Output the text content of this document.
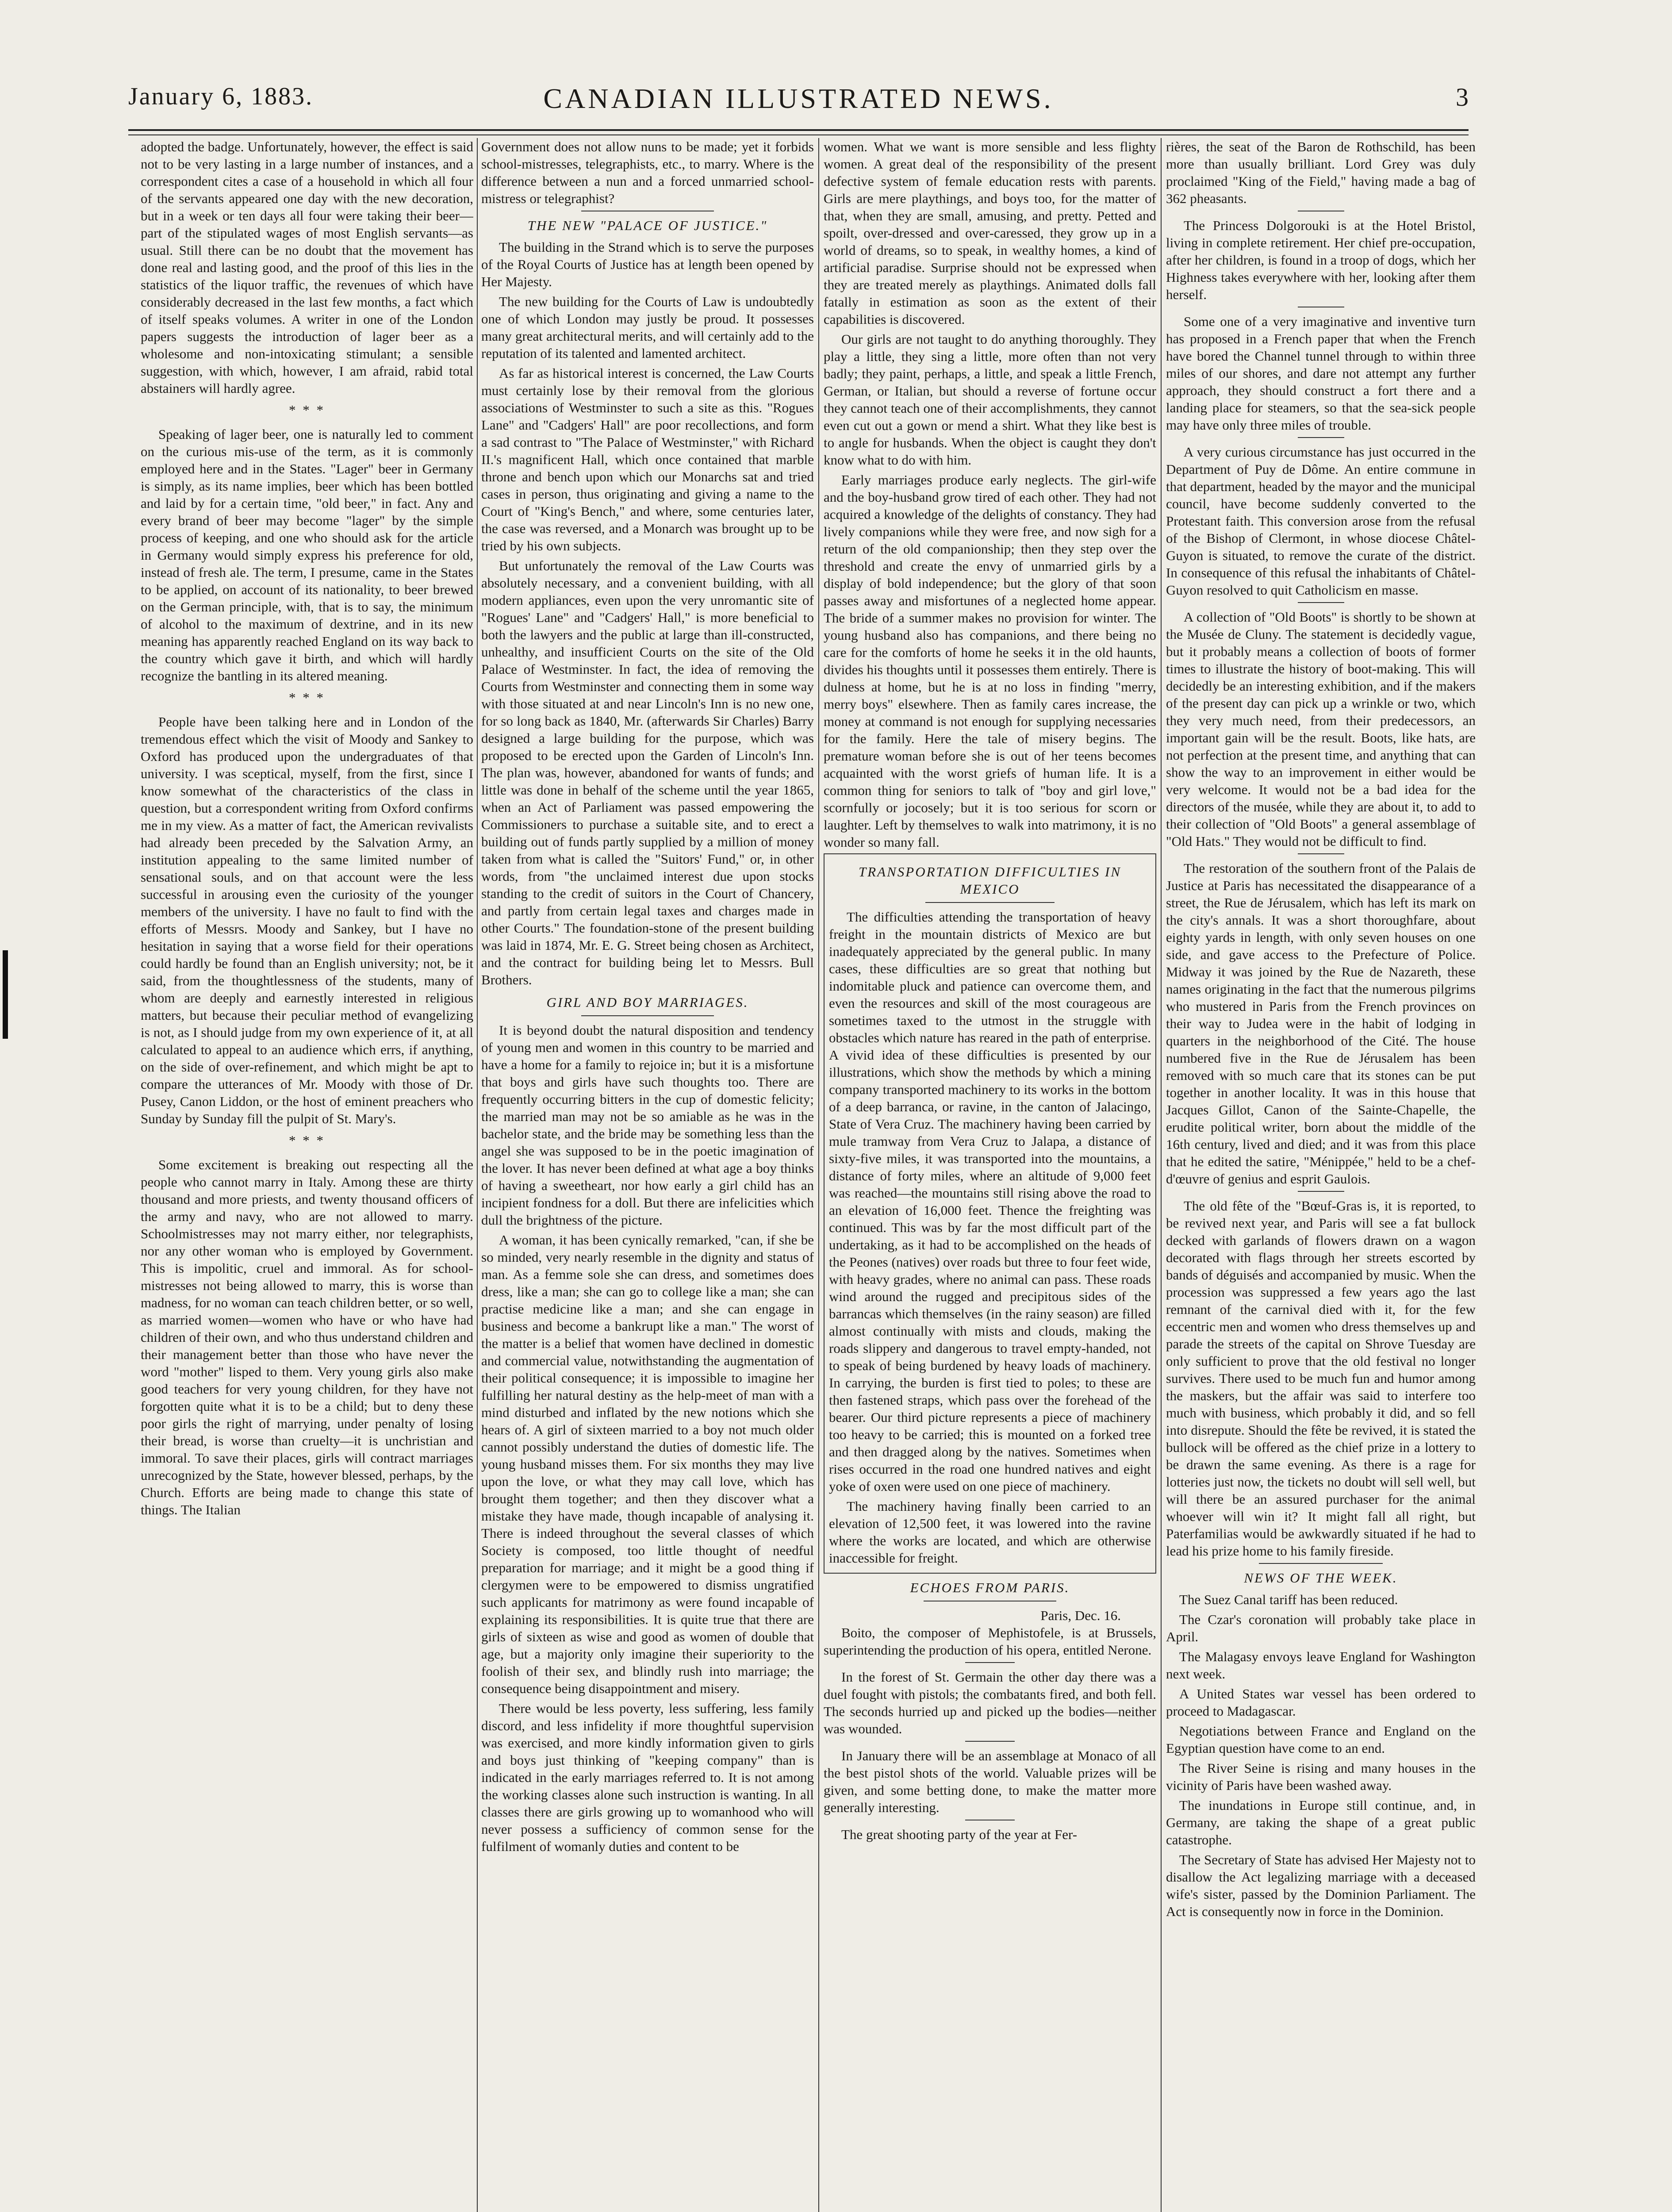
January 6, 1883.	CANADIAN ILLUSTRATED NEWS.	3

adopted the badge. Unfortunately, however, the effect is said not to be very lasting in a large number of instances, and a correspondent cites a case of a household in which all four of the servants appeared one day with the new decoration, but in a week or ten days all four were taking their beer—part of the stipulated wages of most English servants—as usual. Still there can be no doubt that the movement has done real and lasting good, and the proof of this lies in the statistics of the liquor traffic, the revenues of which have considerably decreased in the last few months, a fact which of itself speaks volumes. A writer in one of the London papers suggests the introduction of lager beer as a wholesome and non-intoxicating stimulant; a sensible suggestion, with which, however, I am afraid, rabid total abstainers will hardly agree.

* * *

Speaking of lager beer, one is naturally led to comment on the curious mis-use of the term, as it is commonly employed here and in the States. "Lager" beer in Germany is simply, as its name implies, beer which has been bottled and laid by for a certain time, "old beer," in fact. Any and every brand of beer may become "lager" by the simple process of keeping, and one who should ask for the article in Germany would simply express his preference for old, instead of fresh ale. The term, I presume, came in the States to be applied, on account of its nationality, to beer brewed on the German principle, with, that is to say, the minimum of alcohol to the maximum of dextrine, and in its new meaning has apparently reached England on its way back to the country which gave it birth, and which will hardly recognize the bantling in its altered meaning.

* * *

People have been talking here and in London of the tremendous effect which the visit of Moody and Sankey to Oxford has produced upon the undergraduates of that university. I was sceptical, myself, from the first, since I know somewhat of the characteristics of the class in question, but a correspondent writing from Oxford confirms me in my view. As a matter of fact, the American revivalists had already been preceded by the Salvation Army, an institution appealing to the same limited number of sensational souls, and on that account were the less successful in arousing even the curiosity of the younger members of the university. I have no fault to find with the efforts of Messrs. Moody and Sankey, but I have no hesitation in saying that a worse field for their operations could hardly be found than an English university; not, be it said, from the thoughtlessness of the students, many of whom are deeply and earnestly interested in religious matters, but because their peculiar method of evangelizing is not, as I should judge from my own experience of it, at all calculated to appeal to an audience which errs, if anything, on the side of over-refinement, and which might be apt to compare the utterances of Mr. Moody with those of Dr. Pusey, Canon Liddon, or the host of eminent preachers who Sunday by Sunday fill the pulpit of St. Mary's.

* * *

Some excitement is breaking out respecting all the people who cannot marry in Italy. Among these are thirty thousand and more priests, and twenty thousand officers of the army and navy, who are not allowed to marry. Schoolmistresses may not marry either, nor telegraphists, nor any other woman who is employed by Government. This is impolitic, cruel and immoral. As for school-mistresses not being allowed to marry, this is worse than madness, for no woman can teach children better, or so well, as married women—women who have or who have had children of their own, and who thus understand children and their management better than those who have never the word "mother" lisped to them. Very young girls also make good teachers for very young children, for they have not forgotten quite what it is to be a child; but to deny these poor girls the right of marrying, under penalty of losing their bread, is worse than cruelty—it is unchristian and immoral. To save their places, girls will contract marriages unrecognized by the State, however blessed, perhaps, by the Church. Efforts are being made to change this state of things. The Italian

Government does not allow nuns to be made; yet it forbids school-mistresses, telegraphists, etc., to marry. Where is the difference between a nun and a forced unmarried school-mistress or telegraphist?

THE NEW "PALACE OF JUSTICE."

The building in the Strand which is to serve the purposes of the Royal Courts of Justice has at length been opened by Her Majesty.

The new building for the Courts of Law is undoubtedly one of which London may justly be proud. It possesses many great architectural merits, and will certainly add to the reputation of its talented and lamented architect.

As far as historical interest is concerned, the Law Courts must certainly lose by their removal from the glorious associations of Westminster to such a site as this. "Rogues Lane" and "Cadgers' Hall" are poor recollections, and form a sad contrast to "The Palace of Westminster," with Richard II.'s magnificent Hall, which once contained that marble throne and bench upon which our Monarchs sat and tried cases in person, thus originating and giving a name to the Court of "King's Bench," and where, some centuries later, the case was reversed, and a Monarch was brought up to be tried by his own subjects.

But unfortunately the removal of the Law Courts was absolutely necessary, and a convenient building, with all modern appliances, even upon the very unromantic site of "Rogues' Lane" and "Cadgers' Hall," is more beneficial to both the lawyers and the public at large than ill-constructed, unhealthy, and insufficient Courts on the site of the Old Palace of Westminster. In fact, the idea of removing the Courts from Westminster and connecting them in some way with those situated at and near Lincoln's Inn is no new one, for so long back as 1840, Mr. (afterwards Sir Charles) Barry designed a large building for the purpose, which was proposed to be erected upon the Garden of Lincoln's Inn. The plan was, however, abandoned for wants of funds; and little was done in behalf of the scheme until the year 1865, when an Act of Parliament was passed empowering the Commissioners to purchase a suitable site, and to erect a building out of funds partly supplied by a million of money taken from what is called the "Suitors' Fund," or, in other words, from "the unclaimed interest due upon stocks standing to the credit of suitors in the Court of Chancery, and partly from certain legal taxes and charges made in other Courts." The foundation-stone of the present building was laid in 1874, Mr. E. G. Street being chosen as Architect, and the contract for building being let to Messrs. Bull Brothers.

GIRL AND BOY MARRIAGES.

It is beyond doubt the natural disposition and tendency of young men and women in this country to be married and have a home for a family to rejoice in; but it is a misfortune that boys and girls have such thoughts too. There are frequently occurring bitters in the cup of domestic felicity; the married man may not be so amiable as he was in the bachelor state, and the bride may be something less than the angel she was supposed to be in the poetic imagination of the lover. It has never been defined at what age a boy thinks of having a sweetheart, nor how early a girl child has an incipient fondness for a doll. But there are infelicities which dull the brightness of the picture.

A woman, it has been cynically remarked, "can, if she be so minded, very nearly resemble in the dignity and status of man. As a femme sole she can dress, and sometimes does dress, like a man; she can go to college like a man; she can practise medicine like a man; and she can engage in business and become a bankrupt like a man." The worst of the matter is a belief that women have declined in domestic and commercial value, notwithstanding the augmentation of their political consequence; it is impossible to imagine her fulfilling her natural destiny as the help-meet of man with a mind disturbed and inflated by the new notions which she hears of. A girl of sixteen married to a boy not much older cannot possibly understand the duties of domestic life. The young husband misses them. For six months they may live upon the love, or what they may call love, which has brought them together; and then they discover what a mistake they have made, though incapable of analysing it. There is indeed throughout the several classes of which Society is composed, too little thought of needful preparation for marriage; and it might be a good thing if clergymen were to be empowered to dismiss ungratified such applicants for matrimony as were found incapable of explaining its responsibilities. It is quite true that there are girls of sixteen as wise and good as women of double that age, but a majority only imagine their superiority to the foolish of their sex, and blindly rush into marriage; the consequence being disappointment and misery.

There would be less poverty, less suffering, less family discord, and less infidelity if more thoughtful supervision was exercised, and more kindly information given to girls and boys just thinking of "keeping company" than is indicated in the early marriages referred to. It is not among the working classes alone such instruction is wanting. In all classes there are girls growing up to womanhood who will never possess a sufficiency of common sense for the fulfilment of womanly duties and content to be

women. What we want is more sensible and less flighty women. A great deal of the responsibility of the present defective system of female education rests with parents. Girls are mere playthings, and boys too, for the matter of that, when they are small, amusing, and pretty. Petted and spoilt, over-dressed and over-caressed, they grow up in a world of dreams, so to speak, in wealthy homes, a kind of artificial paradise. Surprise should not be expressed when they are treated merely as playthings. Animated dolls fall fatally in estimation as soon as the extent of their capabilities is discovered.

Our girls are not taught to do anything thoroughly. They play a little, they sing a little, more often than not very badly; they paint, perhaps, a little, and speak a little French, German, or Italian, but should a reverse of fortune occur they cannot teach one of their accomplishments, they cannot even cut out a gown or mend a shirt. What they like best is to angle for husbands. When the object is caught they don't know what to do with him.

Early marriages produce early neglects. The girl-wife and the boy-husband grow tired of each other. They had not acquired a knowledge of the delights of constancy. They had lively companions while they were free, and now sigh for a return of the old companionship; then they step over the threshold and create the envy of unmarried girls by a display of bold independence; but the glory of that soon passes away and misfortunes of a neglected home appear. The bride of a summer makes no provision for winter. The young husband also has companions, and there being no care for the comforts of home he seeks it in the old haunts, divides his thoughts until it possesses them entirely. There is dulness at home, but he is at no loss in finding "merry, merry boys" elsewhere. Then as family cares increase, the money at command is not enough for supplying necessaries for the family. Here the tale of misery begins. The premature woman before she is out of her teens becomes acquainted with the worst griefs of human life. It is a common thing for seniors to talk of "boy and girl love," scornfully or jocosely; but it is too serious for scorn or laughter. Left by themselves to walk into matrimony, it is no wonder so many fall.

TRANSPORTATION DIFFICULTIES IN MEXICO

The difficulties attending the transportation of heavy freight in the mountain districts of Mexico are but inadequately appreciated by the general public. In many cases, these difficulties are so great that nothing but indomitable pluck and patience can overcome them, and even the resources and skill of the most courageous are sometimes taxed to the utmost in the struggle with obstacles which nature has reared in the path of enterprise. A vivid idea of these difficulties is presented by our illustrations, which show the methods by which a mining company transported machinery to its works in the bottom of a deep barranca, or ravine, in the canton of Jalacingo, State of Vera Cruz. The machinery having been carried by mule tramway from Vera Cruz to Jalapa, a distance of sixty-five miles, it was transported into the mountains, a distance of forty miles, where an altitude of 9,000 feet was reached—the mountains still rising above the road to an elevation of 16,000 feet. Thence the freighting was continued. This was by far the most difficult part of the undertaking, as it had to be accomplished on the heads of the Peones (natives) over roads but three to four feet wide, with heavy grades, where no animal can pass. These roads wind around the rugged and precipitous sides of the barrancas which themselves (in the rainy season) are filled almost continually with mists and clouds, making the roads slippery and dangerous to travel empty-handed, not to speak of being burdened by heavy loads of machinery. In carrying, the burden is first tied to poles; to these are then fastened straps, which pass over the forehead of the bearer. Our third picture represents a piece of machinery too heavy to be carried; this is mounted on a forked tree and then dragged along by the natives. Sometimes when rises occurred in the road one hundred natives and eight yoke of oxen were used on one piece of machinery.

The machinery having finally been carried to an elevation of 12,500 feet, it was lowered into the ravine where the works are located, and which are otherwise inaccessible for freight.

ECHOES FROM PARIS.
Paris, Dec. 16.

Boito, the composer of Mephistofele, is at Brussels, superintending the production of his opera, entitled Nerone.

In the forest of St. Germain the other day there was a duel fought with pistols; the combatants fired, and both fell. The seconds hurried up and picked up the bodies—neither was wounded.

In January there will be an assemblage at Monaco of all the best pistol shots of the world. Valuable prizes will be given, and some betting done, to make the matter more generally interesting.

The great shooting party of the year at Fer-

rières, the seat of the Baron de Rothschild, has been more than usually brilliant. Lord Grey was duly proclaimed "King of the Field," having made a bag of 362 pheasants.

The Princess Dolgorouki is at the Hotel Bristol, living in complete retirement. Her chief pre-occupation, after her children, is found in a troop of dogs, which her Highness takes everywhere with her, looking after them herself.

Some one of a very imaginative and inventive turn has proposed in a French paper that when the French have bored the Channel tunnel through to within three miles of our shores, and dare not attempt any further approach, they should construct a fort there and a landing place for steamers, so that the sea-sick people may have only three miles of trouble.

A very curious circumstance has just occurred in the Department of Puy de Dôme. An entire commune in that department, headed by the mayor and the municipal council, have become suddenly converted to the Protestant faith. This conversion arose from the refusal of the Bishop of Clermont, in whose diocese Châtel-Guyon is situated, to remove the curate of the district. In consequence of this refusal the inhabitants of Châtel-Guyon resolved to quit Catholicism en masse.

A collection of "Old Boots" is shortly to be shown at the Musée de Cluny. The statement is decidedly vague, but it probably means a collection of boots of former times to illustrate the history of boot-making. This will decidedly be an interesting exhibition, and if the makers of the present day can pick up a wrinkle or two, which they very much need, from their predecessors, an important gain will be the result. Boots, like hats, are not perfection at the present time, and anything that can show the way to an improvement in either would be very welcome. It would not be a bad idea for the directors of the musée, while they are about it, to add to their collection of "Old Boots" a general assemblage of "Old Hats." They would not be difficult to find.

The restoration of the southern front of the Palais de Justice at Paris has necessitated the disappearance of a street, the Rue de Jérusalem, which has left its mark on the city's annals. It was a short thoroughfare, about eighty yards in length, with only seven houses on one side, and gave access to the Prefecture of Police. Midway it was joined by the Rue de Nazareth, these names originating in the fact that the numerous pilgrims who mustered in Paris from the French provinces on their way to Judea were in the habit of lodging in quarters in the neighborhood of the Cité. The house numbered five in the Rue de Jérusalem has been removed with so much care that its stones can be put together in another locality. It was in this house that Jacques Gillot, Canon of the Sainte-Chapelle, the erudite political writer, born about the middle of the 16th century, lived and died; and it was from this place that he edited the satire, "Ménippée," held to be a chef-d'œuvre of genius and esprit Gaulois.

The old fête of the "Bœuf-Gras is, it is reported, to be revived next year, and Paris will see a fat bullock decked with garlands of flowers drawn on a wagon decorated with flags through her streets escorted by bands of déguisés and accompanied by music. When the procession was suppressed a few years ago the last remnant of the carnival died with it, for the few eccentric men and women who dress themselves up and parade the streets of the capital on Shrove Tuesday are only sufficient to prove that the old festival no longer survives. There used to be much fun and humor among the maskers, but the affair was said to interfere too much with business, which probably it did, and so fell into disrepute. Should the fête be revived, it is stated the bullock will be offered as the chief prize in a lottery to be drawn the same evening. As there is a rage for lotteries just now, the tickets no doubt will sell well, but will there be an assured purchaser for the animal whoever will win it? It might fall all right, but Paterfamilias would be awkwardly situated if he had to lead his prize home to his family fireside.

NEWS OF THE WEEK.

The Suez Canal tariff has been reduced.

The Czar's coronation will probably take place in April.

The Malagasy envoys leave England for Washington next week.

A United States war vessel has been ordered to proceed to Madagascar.

Negotiations between France and England on the Egyptian question have come to an end.

The River Seine is rising and many houses in the vicinity of Paris have been washed away.

The inundations in Europe still continue, and, in Germany, are taking the shape of a great public catastrophe.

The Secretary of State has advised Her Majesty not to disallow the Act legalizing marriage with a deceased wife's sister, passed by the Dominion Parliament. The Act is consequently now in force in the Dominion.
